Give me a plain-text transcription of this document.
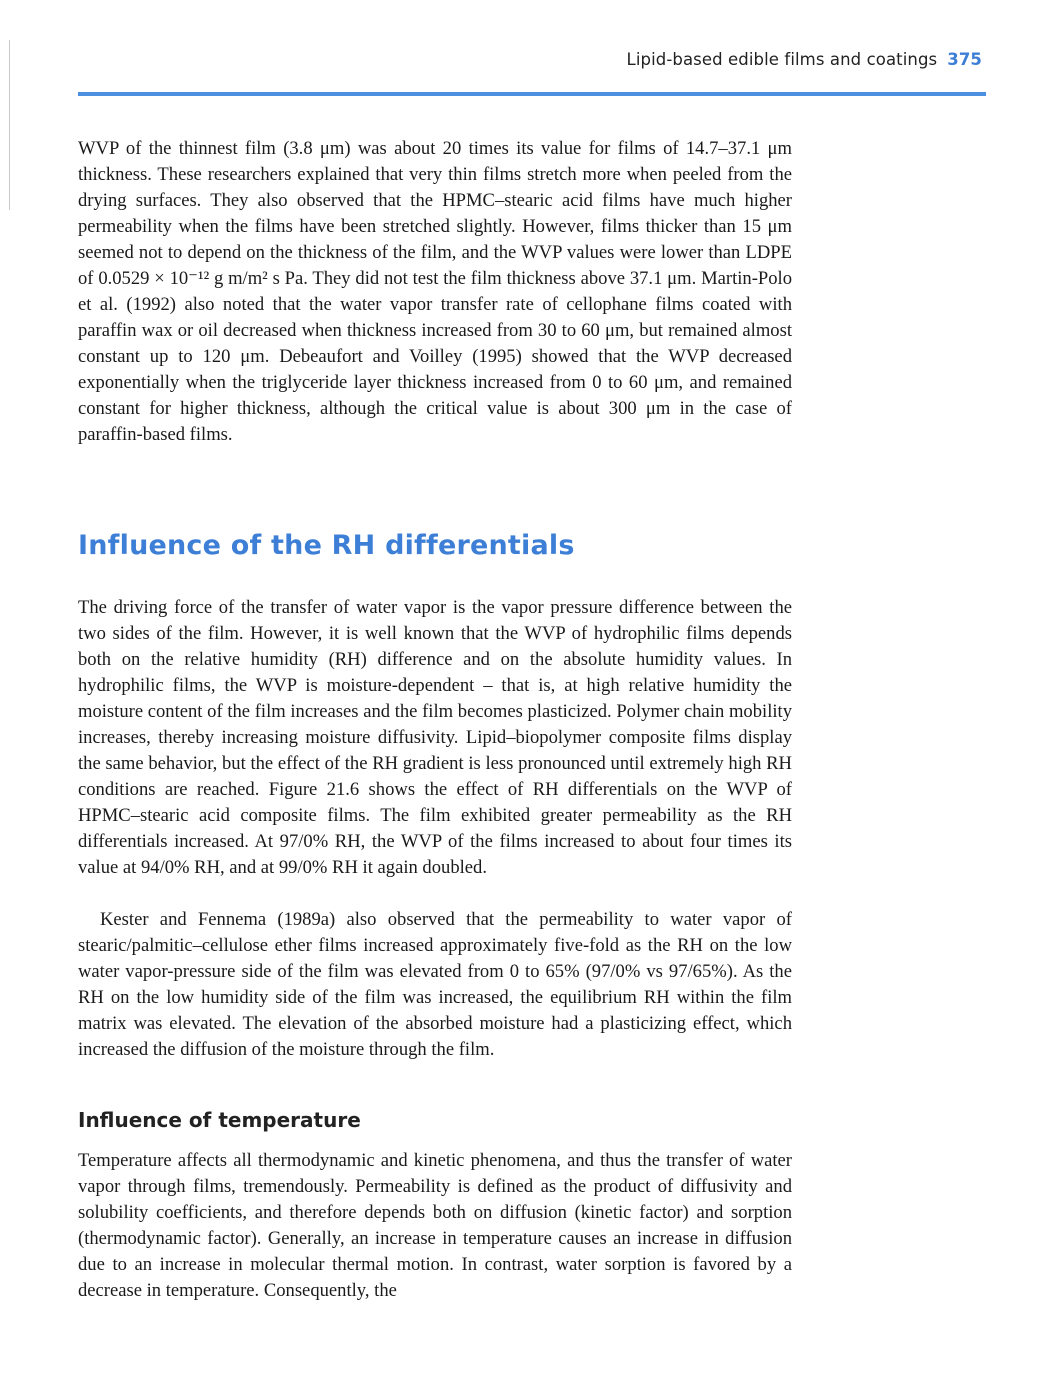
Lipid-based edible films and coatings 375

WVP of the thinnest film (3.8 μm) was about 20 times its value for films of 14.7–37.1 μm thickness. These researchers explained that very thin films stretch more when peeled from the drying surfaces. They also observed that the HPMC–stearic acid films have much higher permeability when the films have been stretched slightly. However, films thicker than 15 μm seemed not to depend on the thickness of the film, and the WVP values were lower than LDPE of 0.0529 × 10⁻¹² g m/m² s Pa. They did not test the film thickness above 37.1 μm. Martin-Polo et al. (1992) also noted that the water vapor transfer rate of cellophane films coated with paraffin wax or oil decreased when thickness increased from 30 to 60 μm, but remained almost constant up to 120 μm. Debeaufort and Voilley (1995) showed that the WVP decreased exponentially when the triglyceride layer thickness increased from 0 to 60 μm, and remained constant for higher thickness, although the critical value is about 300 μm in the case of paraffin-based films.

Influence of the RH differentials

The driving force of the transfer of water vapor is the vapor pressure difference between the two sides of the film. However, it is well known that the WVP of hydrophilic films depends both on the relative humidity (RH) difference and on the absolute humidity values. In hydrophilic films, the WVP is moisture-dependent – that is, at high relative humidity the moisture content of the film increases and the film becomes plasticized. Polymer chain mobility increases, thereby increasing moisture diffusivity. Lipid–biopolymer composite films display the same behavior, but the effect of the RH gradient is less pronounced until extremely high RH conditions are reached. Figure 21.6 shows the effect of RH differentials on the WVP of HPMC–stearic acid composite films. The film exhibited greater permeability as the RH differentials increased. At 97/0% RH, the WVP of the films increased to about four times its value at 94/0% RH, and at 99/0% RH it again doubled.

Kester and Fennema (1989a) also observed that the permeability to water vapor of stearic/palmitic–cellulose ether films increased approximately five-fold as the RH on the low water vapor-pressure side of the film was elevated from 0 to 65% (97/0% vs 97/65%). As the RH on the low humidity side of the film was increased, the equilibrium RH within the film matrix was elevated. The elevation of the absorbed moisture had a plasticizing effect, which increased the diffusion of the moisture through the film.

Influence of temperature

Temperature affects all thermodynamic and kinetic phenomena, and thus the transfer of water vapor through films, tremendously. Permeability is defined as the product of diffusivity and solubility coefficients, and therefore depends both on diffusion (kinetic factor) and sorption (thermodynamic factor). Generally, an increase in temperature causes an increase in diffusion due to an increase in molecular thermal motion. In contrast, water sorption is favored by a decrease in temperature. Consequently, the
